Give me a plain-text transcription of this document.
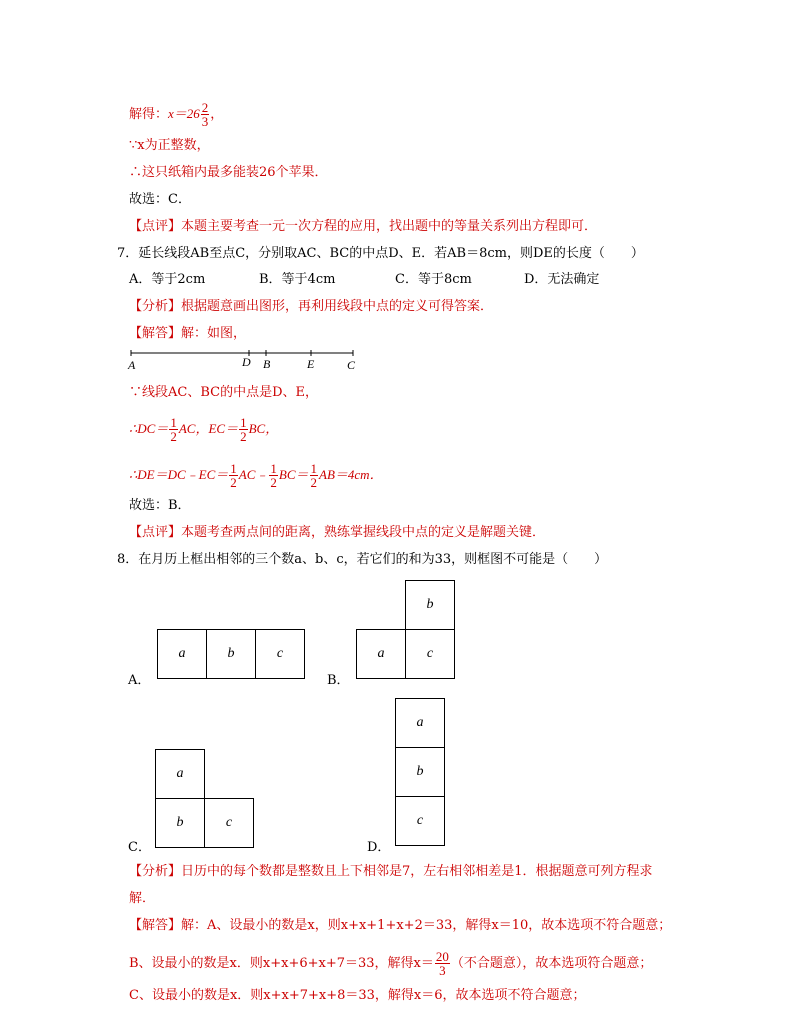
解得：$x=26 \frac{2}{3}$ ，
∵x为正整数，
∴这只纸箱内最多能装26个苹果．
故选：C．
【点评】本题主要考查一元一次方程的应用，找出题中的等量关系列出方程即可．
7．延长线段AB至点C，分别取AC、BC的中点D、E．若AB＝8cm，则DE的长度（　　）
A．等于2cm	B．等于4cm	C．等于8cm	D．无法确定
【分析】根据题意画出图形，再利用线段中点的定义可得答案．
【解答】解：如图，
A	D B	E	C
∵线段AC、BC的中点是D、E，
∴DC＝ $\frac{1}{2}$ AC，$EC= \frac{1}{2}$ BC，
∴DE＝DC﹣EC＝ $\frac{1}{2}$ AC﹣ $\frac{1}{2} BC= \frac{1}{2} AB=4cm$．
故选：B．
【点评】本题考查两点间的距离，熟练掌握线段中点的定义是解题关键．
8．在月历上框出相邻的三个数a、b、c，若它们的和为33，则框图不可能是（　　）
a	b	c
A．
b
a	c
B．
a
b	c
C．
a
b
c
D．
【分析】日历中的每个数都是整数且上下相邻是7，左右相邻相差是1．根据题意可列方程求
解．
【解答】解：A、设最小的数是x，则x+x+1+x+2＝33，解得x＝10，故本选项不符合题意；
B、设最小的数是x．则x+x+6+x+7＝33，解得$x= \frac{20}{3}$ （不合题意），故本选项符合题意；
C、设最小的数是x．则x+x+7+x+8＝33，解得x＝6，故本选项不符合题意；
